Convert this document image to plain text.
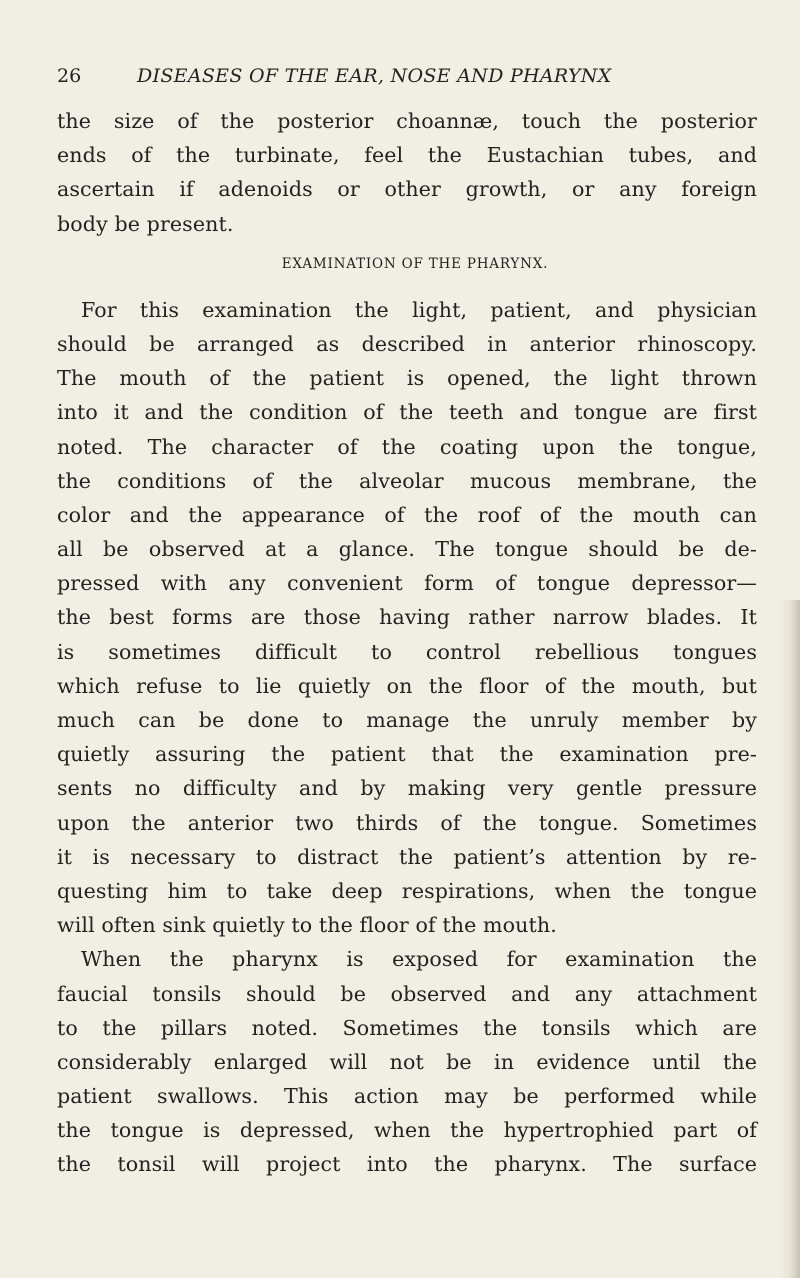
26	DISEASES OF THE EAR, NOSE AND PHARYNX
the size of the posterior choannæ, touch the posterior
ends of the turbinate, feel the Eustachian tubes, and
ascertain if adenoids or other growth, or any foreign
body be present.
EXAMINATION OF THE PHARYNX.
For this examination the light, patient, and physician
should be arranged as described in anterior rhinoscopy.
The mouth of the patient is opened, the light thrown
into it and the condition of the teeth and tongue are first
noted. The character of the coating upon the tongue,
the conditions of the alveolar mucous membrane, the
color and the appearance of the roof of the mouth can
all be observed at a glance. The tongue should be de-
pressed with any convenient form of tongue depressor—
the best forms are those having rather narrow blades. It
is sometimes difficult to control rebellious tongues
which refuse to lie quietly on the floor of the mouth, but
much can be done to manage the unruly member by
quietly assuring the patient that the examination pre-
sents no difficulty and by making very gentle pressure
upon the anterior two thirds of the tongue. Sometimes
it is necessary to distract the patient’s attention by re-
questing him to take deep respirations, when the tongue
will often sink quietly to the floor of the mouth.
When the pharynx is exposed for examination the
faucial tonsils should be observed and any attachment
to the pillars noted. Sometimes the tonsils which are
considerably enlarged will not be in evidence until the
patient swallows. This action may be performed while
the tongue is depressed, when the hypertrophied part of
the tonsil will project into the pharynx. The surface
